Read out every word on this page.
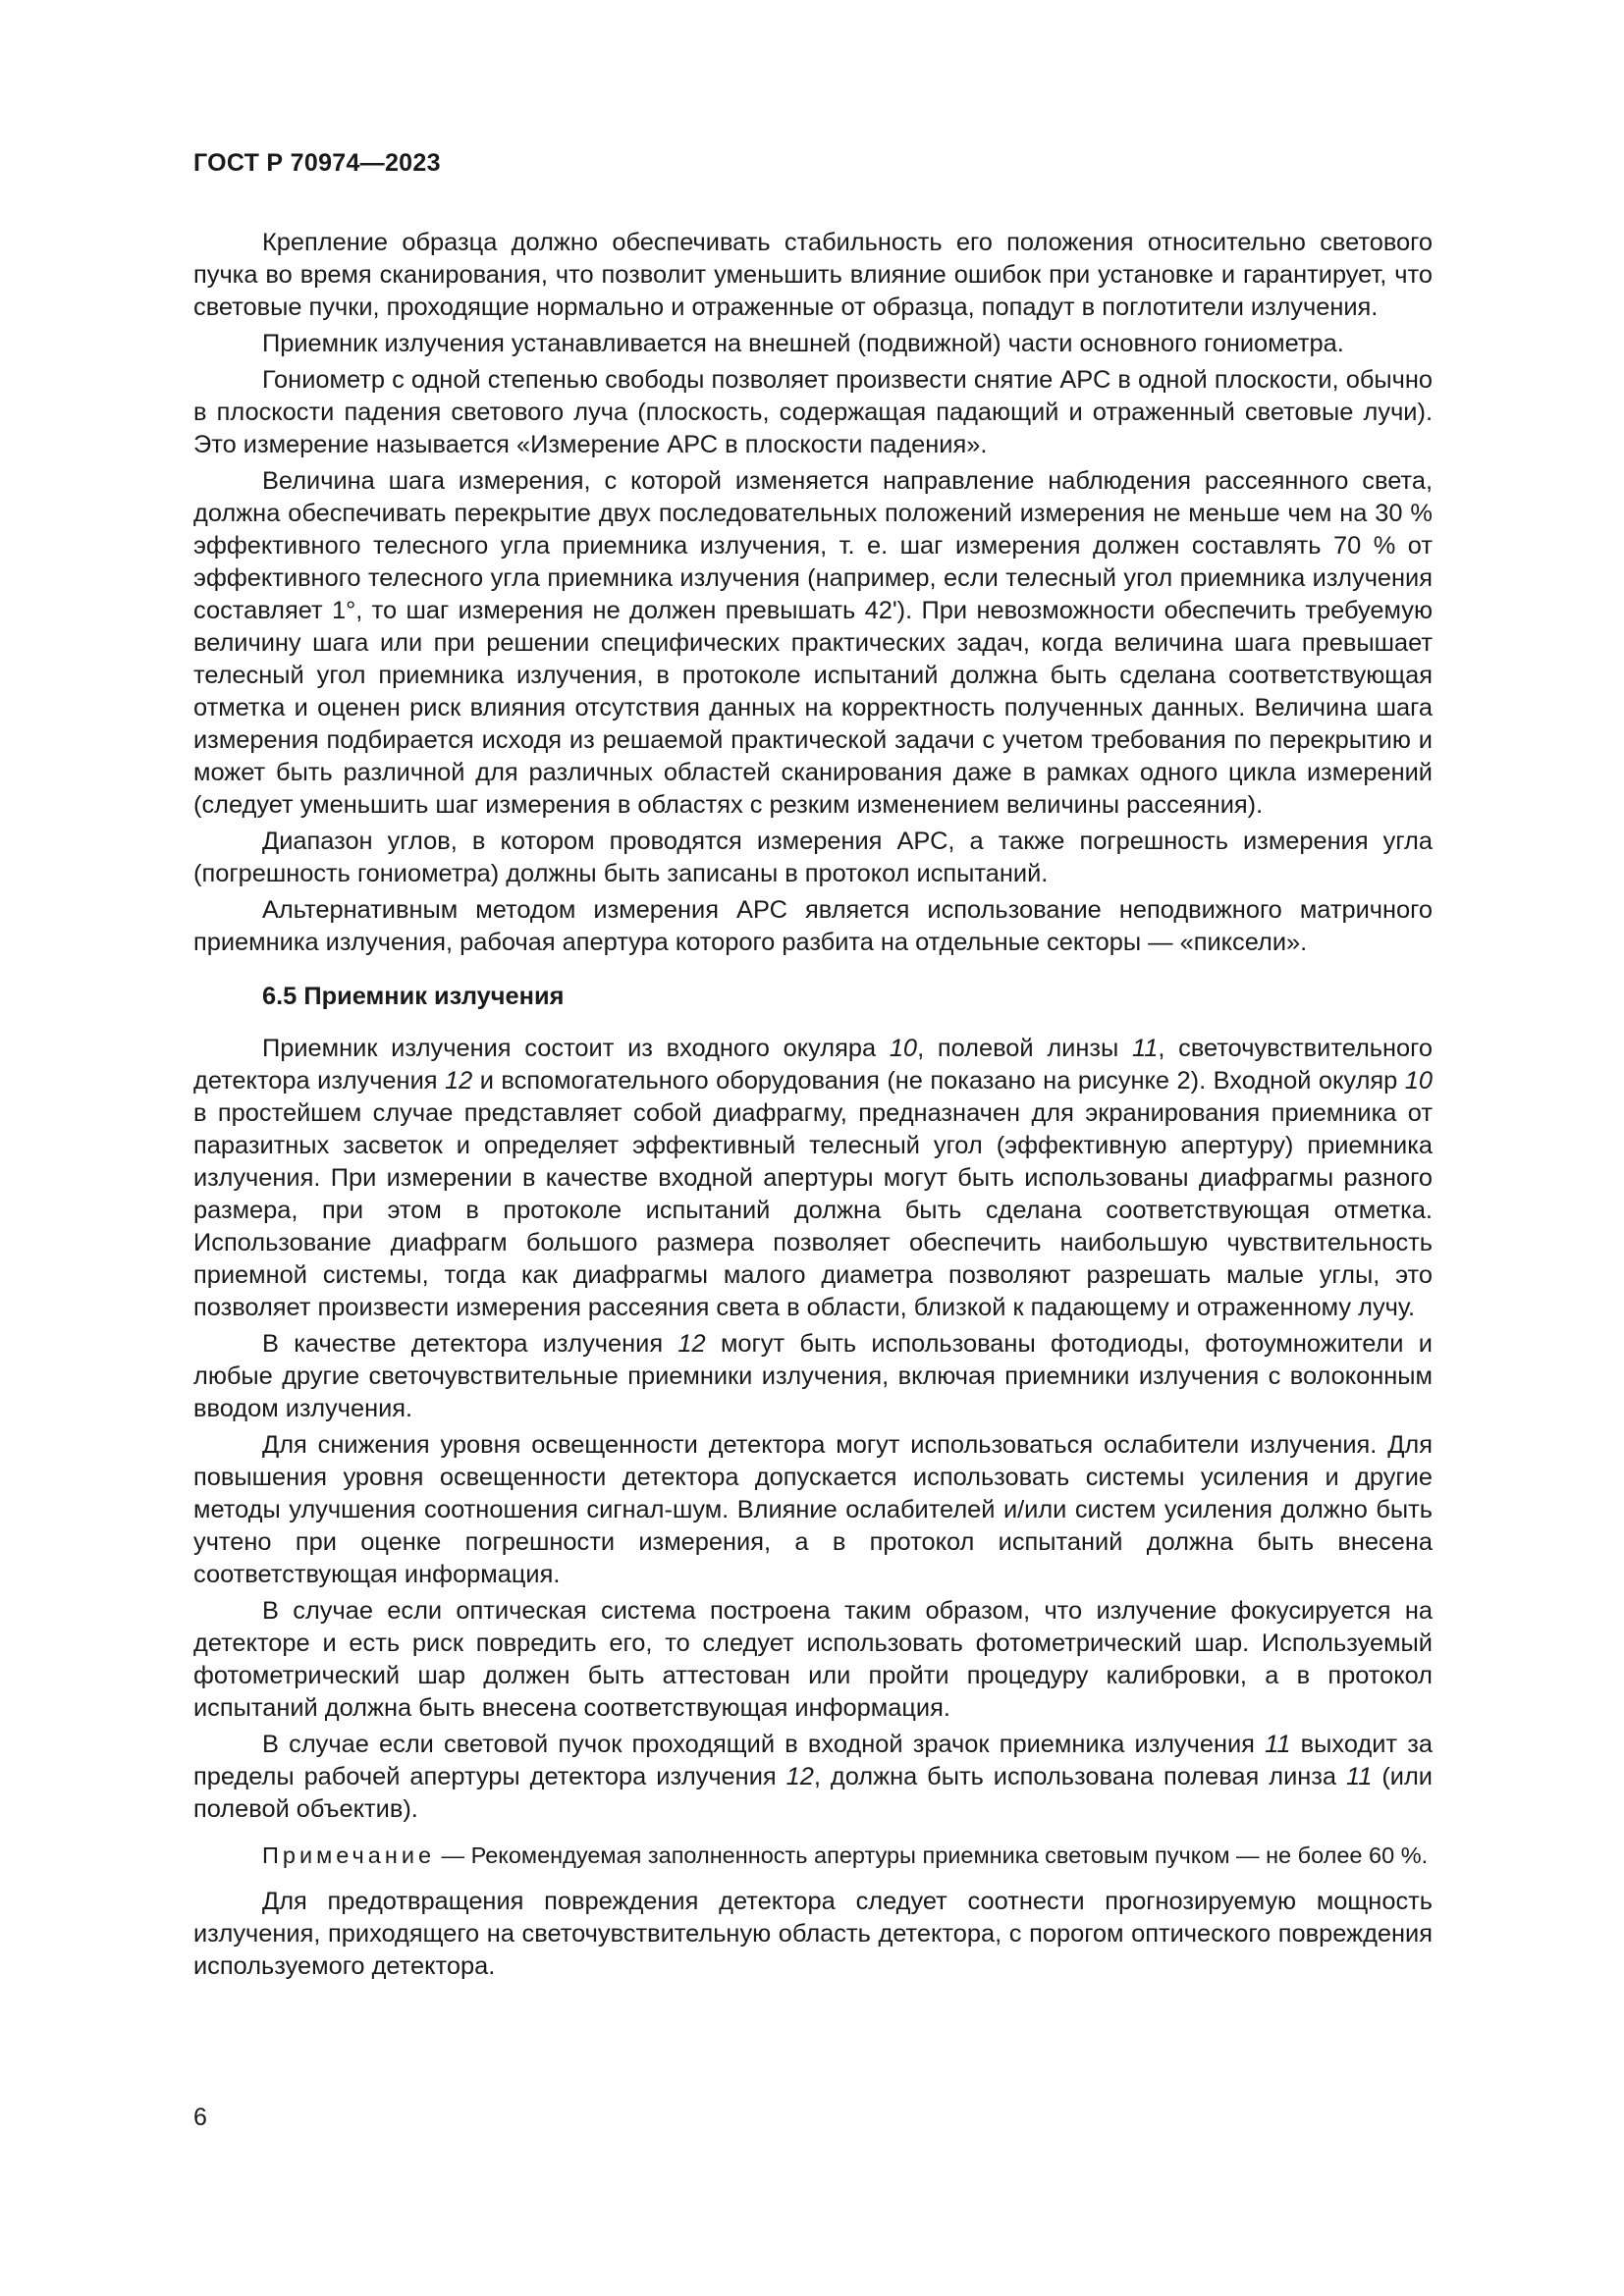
ГОСТ Р 70974—2023

Крепление образца должно обеспечивать стабильность его положения относительно светового пучка во время сканирования, что позволит уменьшить влияние ошибок при установке и гарантирует, что световые пучки, проходящие нормально и отраженные от образца, попадут в поглотители излучения.

Приемник излучения устанавливается на внешней (подвижной) части основного гониометра.

Гониометр с одной степенью свободы позволяет произвести снятие АРС в одной плоскости, обычно в плоскости падения светового луча (плоскость, содержащая падающий и отраженный световые лучи). Это измерение называется «Измерение АРС в плоскости падения».

Величина шага измерения, с которой изменяется направление наблюдения рассеянного света, должна обеспечивать перекрытие двух последовательных положений измерения не меньше чем на 30 % эффективного телесного угла приемника излучения, т. е. шаг измерения должен составлять 70 % от эффективного телесного угла приемника излучения (например, если телесный угол приемника излучения составляет 1°, то шаг измерения не должен превышать 42'). При невозможности обеспечить требуемую величину шага или при решении специфических практических задач, когда величина шага превышает телесный угол приемника излучения, в протоколе испытаний должна быть сделана соответствующая отметка и оценен риск влияния отсутствия данных на корректность полученных данных. Величина шага измерения подбирается исходя из решаемой практической задачи с учетом требования по перекрытию и может быть различной для различных областей сканирования даже в рамках одного цикла измерений (следует уменьшить шаг измерения в областях с резким изменением величины рассеяния).

Диапазон углов, в котором проводятся измерения АРС, а также погрешность измерения угла (погрешность гониометра) должны быть записаны в протокол испытаний.

Альтернативным методом измерения АРС является использование неподвижного матричного приемника излучения, рабочая апертура которого разбита на отдельные секторы — «пиксели».

6.5 Приемник излучения

Приемник излучения состоит из входного окуляра 10, полевой линзы 11, светочувствительного детектора излучения 12 и вспомогательного оборудования (не показано на рисунке 2). Входной окуляр 10 в простейшем случае представляет собой диафрагму, предназначен для экранирования приемника от паразитных засветок и определяет эффективный телесный угол (эффективную апертуру) приемника излучения. При измерении в качестве входной апертуры могут быть использованы диафрагмы разного размера, при этом в протоколе испытаний должна быть сделана соответствующая отметка. Использование диафрагм большого размера позволяет обеспечить наибольшую чувствительность приемной системы, тогда как диафрагмы малого диаметра позволяют разрешать малые углы, это позволяет произвести измерения рассеяния света в области, близкой к падающему и отраженному лучу.

В качестве детектора излучения 12 могут быть использованы фотодиоды, фотоумножители и любые другие светочувствительные приемники излучения, включая приемники излучения с волоконным вводом излучения.

Для снижения уровня освещенности детектора могут использоваться ослабители излучения. Для повышения уровня освещенности детектора допускается использовать системы усиления и другие методы улучшения соотношения сигнал-шум. Влияние ослабителей и/или систем усиления должно быть учтено при оценке погрешности измерения, а в протокол испытаний должна быть внесена соответствующая информация.

В случае если оптическая система построена таким образом, что излучение фокусируется на детекторе и есть риск повредить его, то следует использовать фотометрический шар. Используемый фотометрический шар должен быть аттестован или пройти процедуру калибровки, а в протокол испытаний должна быть внесена соответствующая информация.

В случае если световой пучок проходящий в входной зрачок приемника излучения 11 выходит за пределы рабочей апертуры детектора излучения 12, должна быть использована полевая линза 11 (или полевой объектив).

Примечание — Рекомендуемая заполненность апертуры приемника световым пучком — не более 60 %.

Для предотвращения повреждения детектора следует соотнести прогнозируемую мощность излучения, приходящего на светочувствительную область детектора, с порогом оптического повреждения используемого детектора.

6
